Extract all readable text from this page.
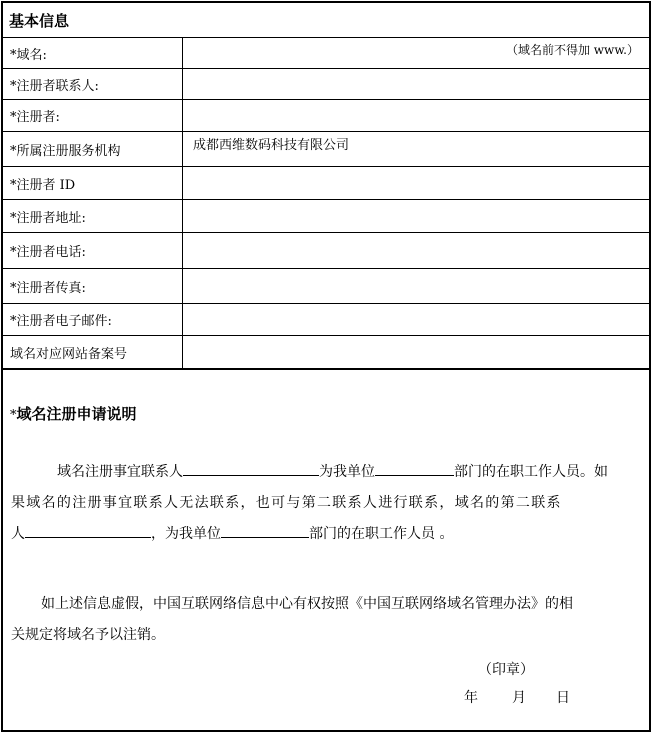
基本信息
*域名:	（域名前不得加 www.）
*注册者联系人:
*注册者:
*所属注册服务机构	成都西维数码科技有限公司
*注册者 ID
*注册者地址:
*注册者电话:
*注册者传真:
*注册者电子邮件:
域名对应网站备案号
*域名注册申请说明
域名注册事宜联系人	为我单位	部门的在职工作人员。如
果域名的注册事宜联系人无法联系，也可与第二联系人进行联系，域名的第二联系
人	，为我单位	部门的在职工作人员 。
如上述信息虚假，中国互联网络信息中心有权按照《中国互联网络域名管理办法》的相
关规定将域名予以注销。
（印章）
年 月 日
